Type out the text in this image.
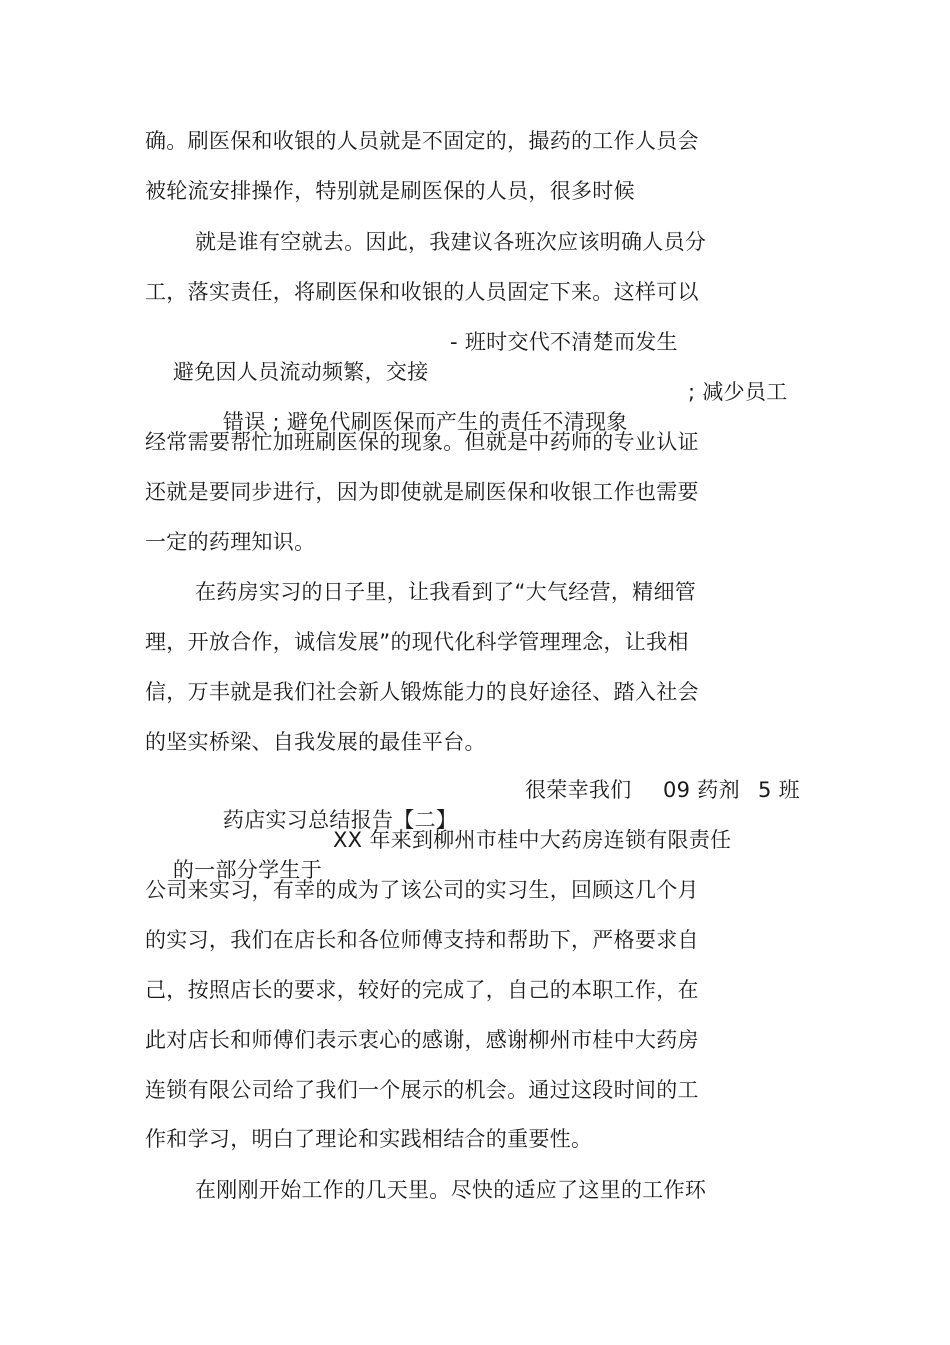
确。刷医保和收银的人员就是不固定的，撮药的工作人员会
被轮流安排操作，特别就是刷医保的人员，很多时候
就是谁有空就去。因此，我建议各班次应该明确人员分
工，落实责任，将刷医保和收银的人员固定下来。这样可以

避免因人员流动频繁，交接

- 班时交代不清楚而发生

错误 ; 避免代刷医保而产生的责任不清现象

; 减少员工

经常需要帮忙加班刷医保的现象。但就是中药师的专业认证
还就是要同步进行，因为即使就是刷医保和收银工作也需要
一定的药理知识。
在药房实习的日子里，让我看到了“大气经营，精细管
理，开放合作，诚信发展”的现代化科学管理理念，让我相
信，万丰就是我们社会新人锻炼能力的良好途径、踏入社会
的坚实桥梁、自我发展的最佳平台。

药店实习总结报告【二】

很荣幸我们

09 药剂

5 班

的一部分学生于

XX 年来到柳州市桂中大药房连锁有限责任

公司来实习，有幸的成为了该公司的实习生，回顾这几个月
的实习，我们在店长和各位师傅支持和帮助下，严格要求自
己，按照店长的要求，较好的完成了，自己的本职工作，在
此对店长和师傅们表示衷心的感谢，感谢柳州市桂中大药房
连锁有限公司给了我们一个展示的机会。通过这段时间的工
作和学习，明白了理论和实践相结合的重要性。
在刚刚开始工作的几天里。尽快的适应了这里的工作环
